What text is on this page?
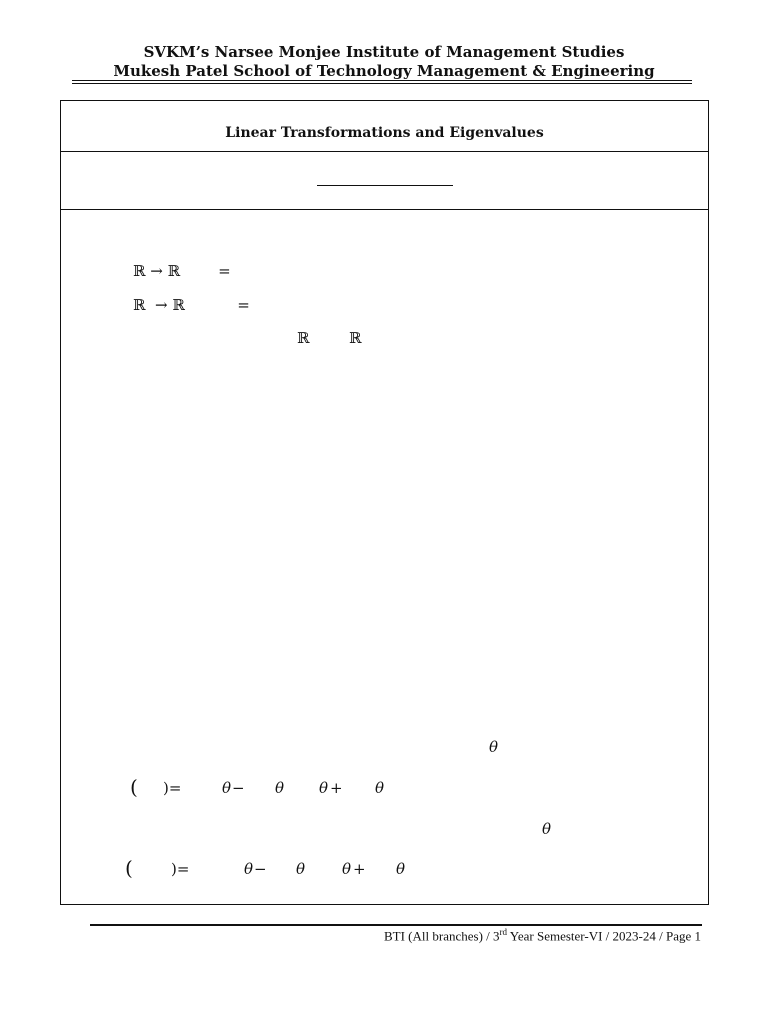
SVKM’s Narsee Monjee Institute of Management Studies
Mukesh Patel School of Technology Management & Engineering
Linear Transformations and Eigenvalues
ℝ → ℝ        =
ℝ  → ℝ           =
ℝ	ℝ
θ
( )=	θ − θ θ + θ
θ
(	)=	θ − θ θ + θ
BTI (All branches) / 3rd Year Semester-VI / 2023-24 / Page 1
